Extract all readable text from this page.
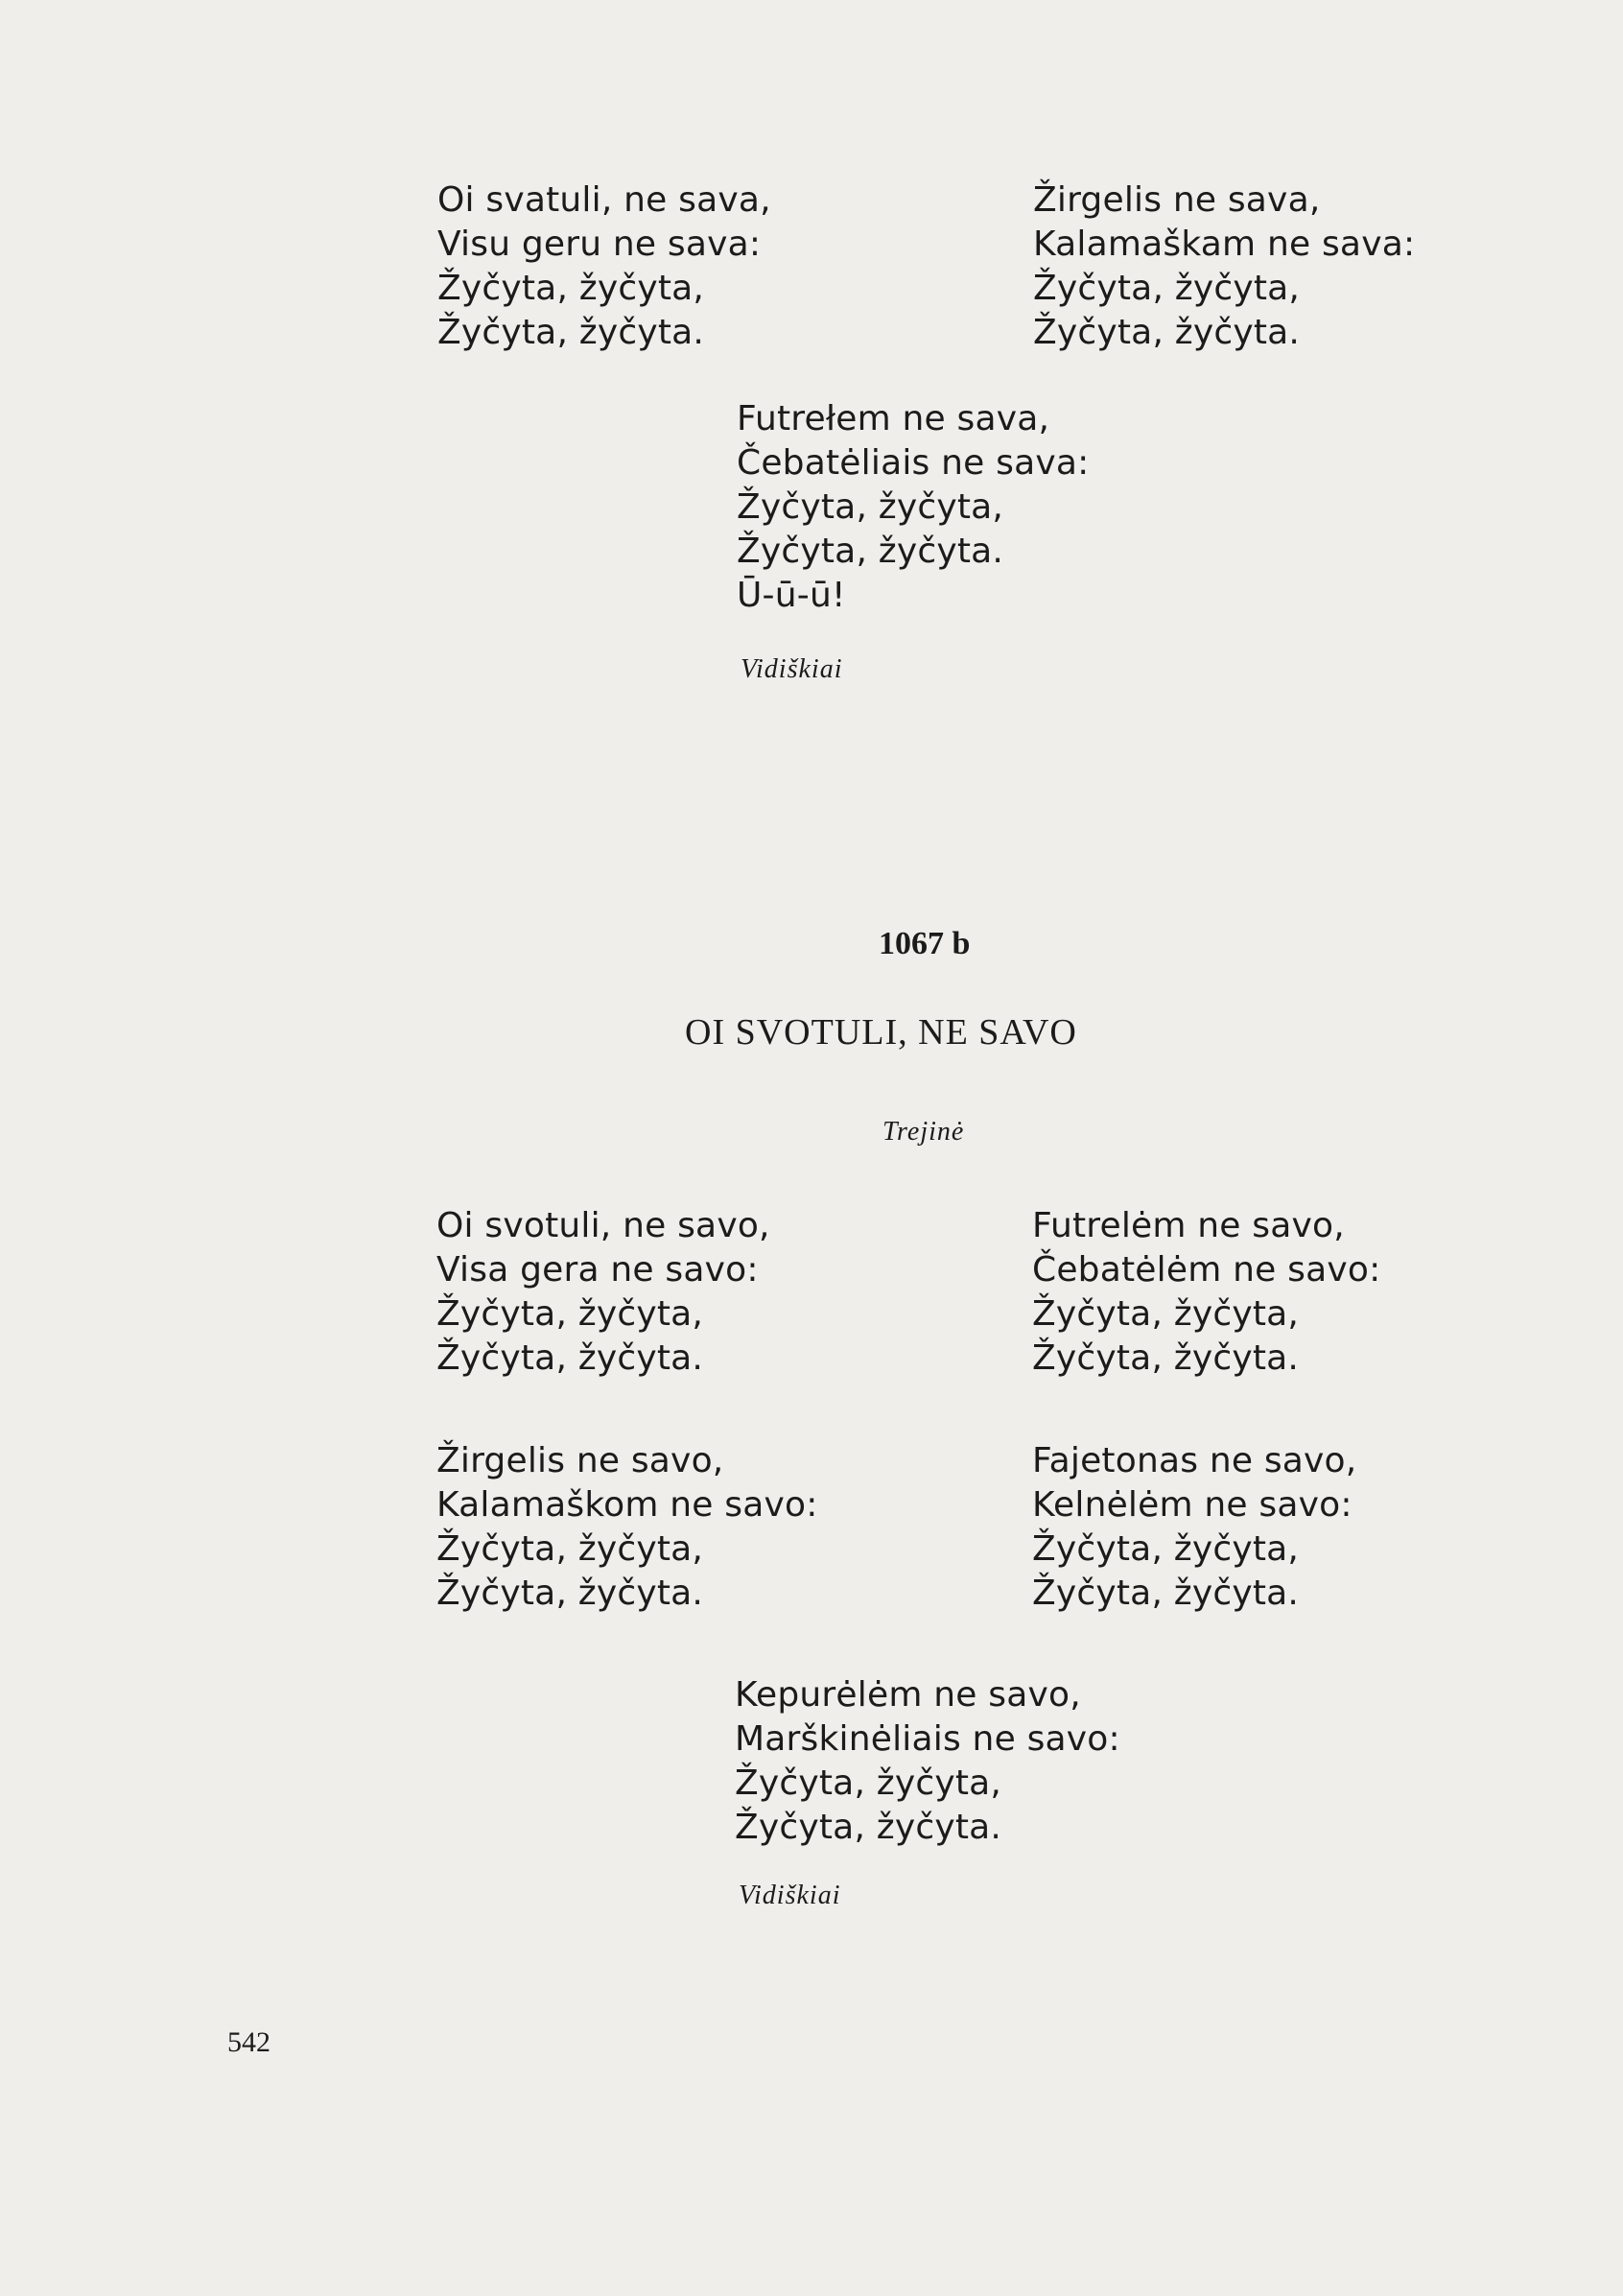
Oi svatuli, ne sava,
Visu geru ne sava:
Žyčyta, žyčyta,
Žyčyta, žyčyta.
Žirgelis ne sava,
Kalamaškam ne sava:
Žyčyta, žyčyta,
Žyčyta, žyčyta.
Futrełem ne sava,
Čebatėliais ne sava:
Žyčyta, žyčyta,
Žyčyta, žyčyta.
Ū-ū-ū!
Vidiškiai
1067 b
OI SVOTULI, NE SAVO
Trejinė
Oi svotuli, ne savo,
Visa gera ne savo:
Žyčyta, žyčyta,
Žyčyta, žyčyta.
Futrelėm ne savo,
Čebatėlėm ne savo:
Žyčyta, žyčyta,
Žyčyta, žyčyta.
Žirgelis ne savo,
Kalamaškom ne savo:
Žyčyta, žyčyta,
Žyčyta, žyčyta.
Fajetonas ne savo,
Kelnėlėm ne savo:
Žyčyta, žyčyta,
Žyčyta, žyčyta.
Kepurėlėm ne savo,
Marškinėliais ne savo:
Žyčyta, žyčyta,
Žyčyta, žyčyta.
Vidiškiai
542
